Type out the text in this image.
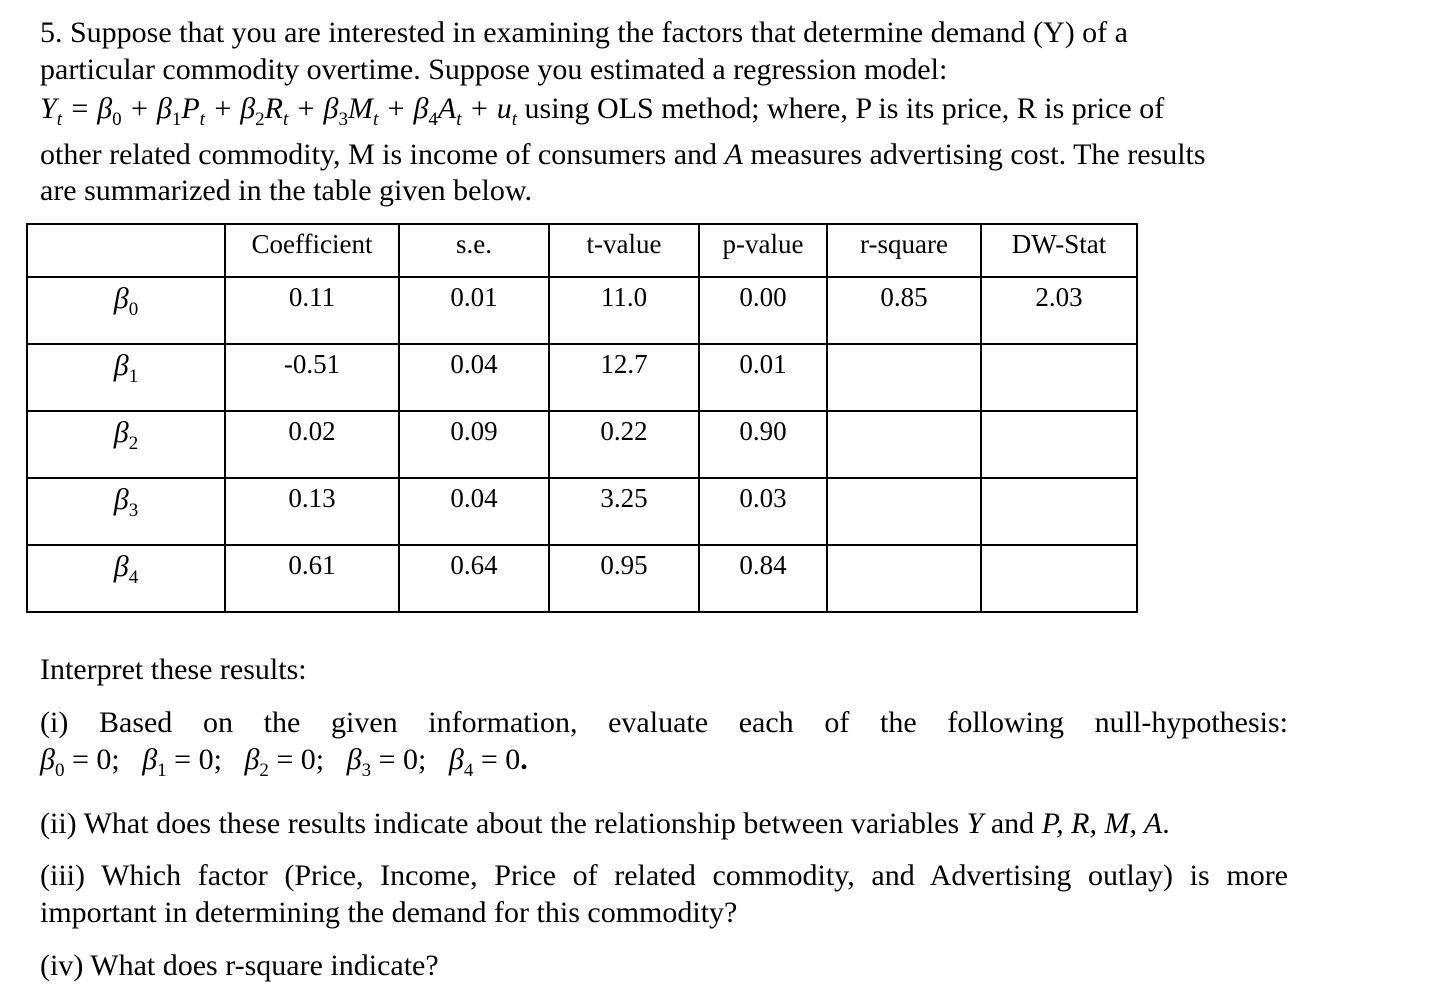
5. Suppose that you are interested in examining the factors that determine demand (Y) of a
particular commodity overtime. Suppose you estimated a regression model:
$Y_t = \beta_0 + \beta_1P_t + \beta_2R_t + \beta_3M_t + \beta_4A_t + u_t$ using OLS method; where, P is its price, R is price of
other related commodity, M is income of consumers and A measures advertising cost. The results
are summarized in the table given below.
	Coefficient	s.e.	t-value	p-value	r-square	DW-Stat
$\beta_0$	0.11	0.01	11.0	0.00	0.85	2.03
$\beta_1$	-0.51	0.04	12.7	0.01		
$\beta_2$	0.02	0.09	0.22	0.90		
$\beta_3$	0.13	0.04	3.25	0.03		
$\beta_4$	0.61	0.64	0.95	0.84		
Interpret these results:
(i) Based on the given information, evaluate each of the following null-hypothesis:
$\beta_0 = 0$;   $\beta_1 = 0$;   $\beta_2 = 0$;   $\beta_3 = 0$;   $\beta_4 = 0$.
(ii) What does these results indicate about the relationship between variables Y and P, R, M, A.
(iii) Which factor (Price, Income, Price of related commodity, and Advertising outlay) is more
important in determining the demand for this commodity?
(iv) What does r-square indicate?
